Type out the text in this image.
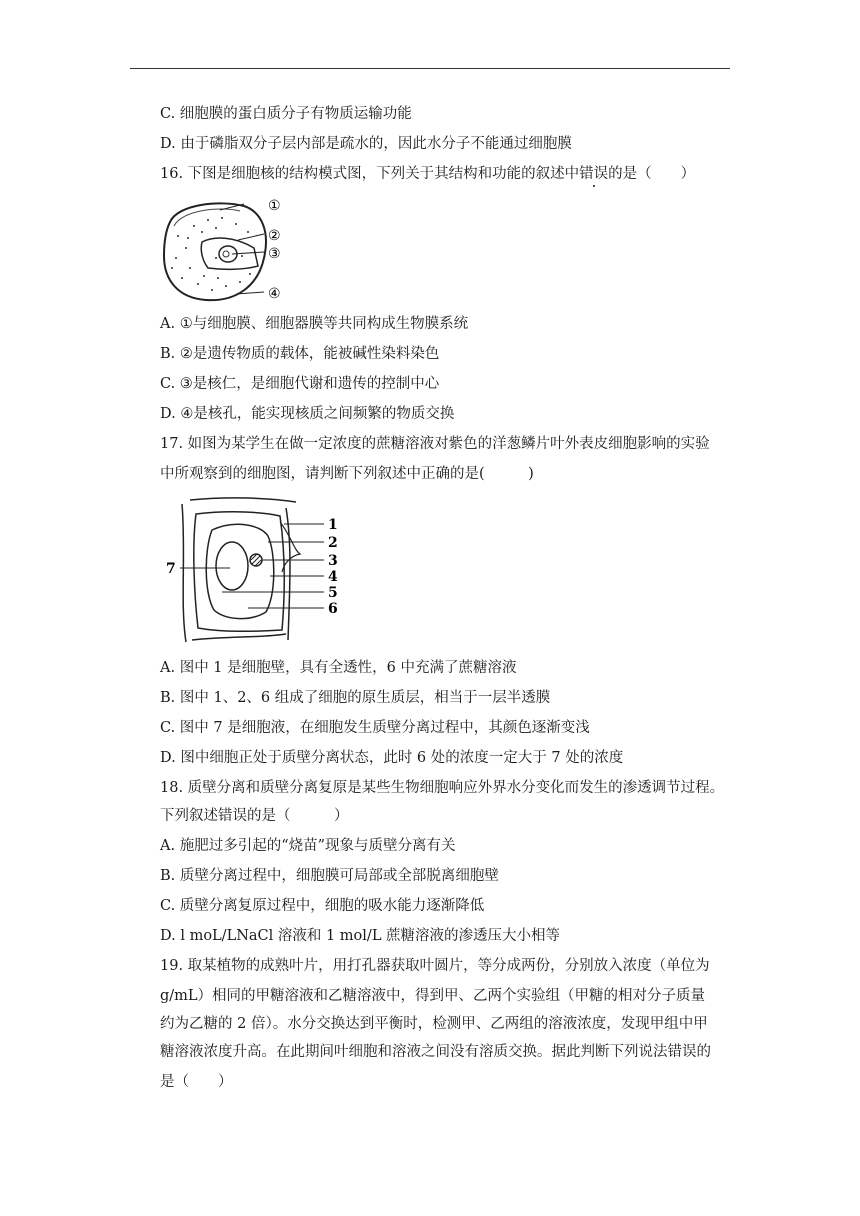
C. 细胞膜的蛋白质分子有物质运输功能
D. 由于磷脂双分子层内部是疏水的，因此水分子不能通过细胞膜
16. 下图是细胞核的结构模式图，下列关于其结构和功能的叙述中错误的是（　　）
①
②
③
④
A. ①与细胞膜、细胞器膜等共同构成生物膜系统
B. ②是遗传物质的载体，能被碱性染料染色
C. ③是核仁，是细胞代谢和遗传的控制中心
D. ④是核孔，能实现核质之间频繁的物质交换
17. 如图为某学生在做一定浓度的蔗糖溶液对紫色的洋葱鳞片叶外表皮细胞影响的实验
中所观察到的细胞图，请判断下列叙述中正确的是(　　　)
1
2
3
4
5
6
7
A. 图中 1 是细胞壁，具有全透性，6 中充满了蔗糖溶液
B. 图中 1、2、6 组成了细胞的原生质层，相当于一层半透膜
C. 图中 7 是细胞液，在细胞发生质壁分离过程中，其颜色逐渐变浅
D. 图中细胞正处于质壁分离状态，此时 6 处的浓度一定大于 7 处的浓度
18. 质壁分离和质壁分离复原是某些生物细胞响应外界水分变化而发生的渗透调节过程。
下列叙述错误的是（　　　）
A. 施肥过多引起的“烧苗”现象与质壁分离有关
B. 质壁分离过程中，细胞膜可局部或全部脱离细胞壁
C. 质壁分离复原过程中，细胞的吸水能力逐渐降低
D. l moL/LNaCl 溶液和 1 mol/L 蔗糖溶液的渗透压大小相等
19. 取某植物的成熟叶片，用打孔器获取叶圆片，等分成两份，分别放入浓度（单位为
g/mL）相同的甲糖溶液和乙糖溶液中，得到甲、乙两个实验组（甲糖的相对分子质量
约为乙糖的 2 倍）。水分交换达到平衡时，检测甲、乙两组的溶液浓度，发现甲组中甲
糖溶液浓度升高。在此期间叶细胞和溶液之间没有溶质交换。据此判断下列说法错误的
是（　　）
